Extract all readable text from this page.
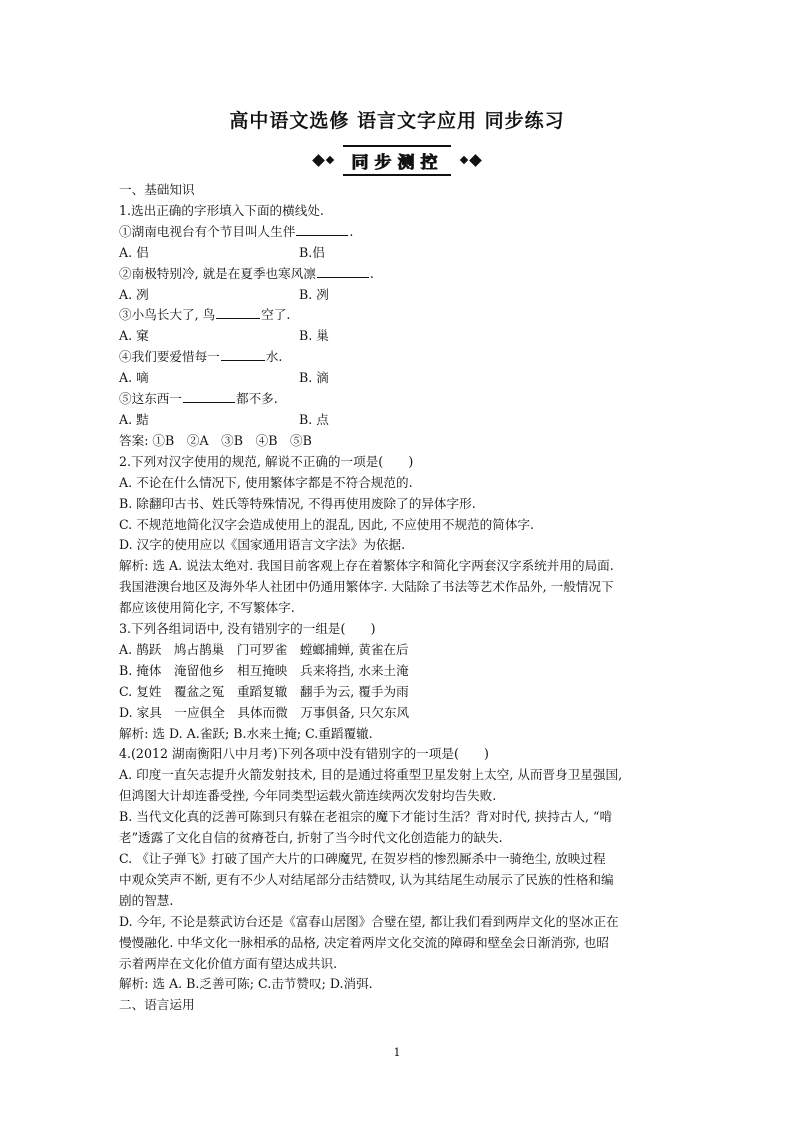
高中语文选修 语言文字应用 同步练习
同步测控
一、基础知识
1.选出正确的字形填入下面的横线处.
①湖南电视台有个节目叫人生伴	.
A. 侣	B.侣
②南极特别冷, 就是在夏季也寒风凛	.
A. 冽	B. 冽
③小鸟长大了, 鸟	空了.
A. 窠	B. 巢
④我们要爱惜每一	水.
A. 嘀	B. 滴
⑤这东西一	都不多.
A. 黠	B. 点
答案: ①B　②A　③B　④B　⑤B
2.下列对汉字使用的规范, 解说不正确的一项是(　　)
A. 不论在什么情况下, 使用繁体字都是不符合规范的.
B. 除翻印古书、姓氏等特殊情况, 不得再使用废除了的异体字形.
C. 不规范地简化汉字会造成使用上的混乱, 因此, 不应使用不规范的简体字.
D. 汉字的使用应以《国家通用语言文字法》为依据.
解析: 选 A. 说法太绝对. 我国目前客观上存在着繁体字和简化字两套汉字系统并用的局面.
我国港澳台地区及海外华人社团中仍通用繁体字. 大陆除了书法等艺术作品外, 一般情况下
都应该使用简化字, 不写繁体字.
3.下列各组词语中, 没有错别字的一组是(　　)
A. 鹊跃　鸠占鹊巢　门可罗雀　螳螂捕蝉, 黄雀在后
B. 掩体　淹留他乡　相互掩映　兵来将挡, 水来土淹
C. 复姓　覆盆之冤　重蹈复辙　翻手为云, 覆手为雨
D. 家具　一应俱全　具体而微　万事俱备, 只欠东风
解析: 选 D. A.雀跃; B.水来土掩; C.重蹈覆辙.
4.(2012 湖南衡阳八中月考)下列各项中没有错别字的一项是(　　)
A. 印度一直矢志提升火箭发射技术, 目的是通过将重型卫星发射上太空, 从而晋身卫星强国,
但鸿图大计却连番受挫, 今年同类型运载火箭连续两次发射均告失败.
B. 当代文化真的泛善可陈到只有躲在老祖宗的魔下才能讨生活？背对时代, 挟持古人, “啃
老”透露了文化自信的贫瘠苍白, 折射了当今时代文化创造能力的缺失.
C. 《让子弹飞》打破了国产大片的口碑魔咒, 在贺岁档的惨烈厮杀中一骑绝尘, 放映过程
中观众笑声不断, 更有不少人对结尾部分击结赞叹, 认为其结尾生动展示了民族的性格和编
剧的智慧.
D. 今年, 不论是蔡武访台还是《富春山居图》合璧在望, 都让我们看到两岸文化的坚冰正在
慢慢融化. 中华文化一脉相承的品格, 决定着两岸文化交流的障碍和壁垒会日渐消弥, 也昭
示着两岸在文化价值方面有望达成共识.
解析: 选 A. B.乏善可陈; C.击节赞叹; D.消弭.
二、语言运用
1
